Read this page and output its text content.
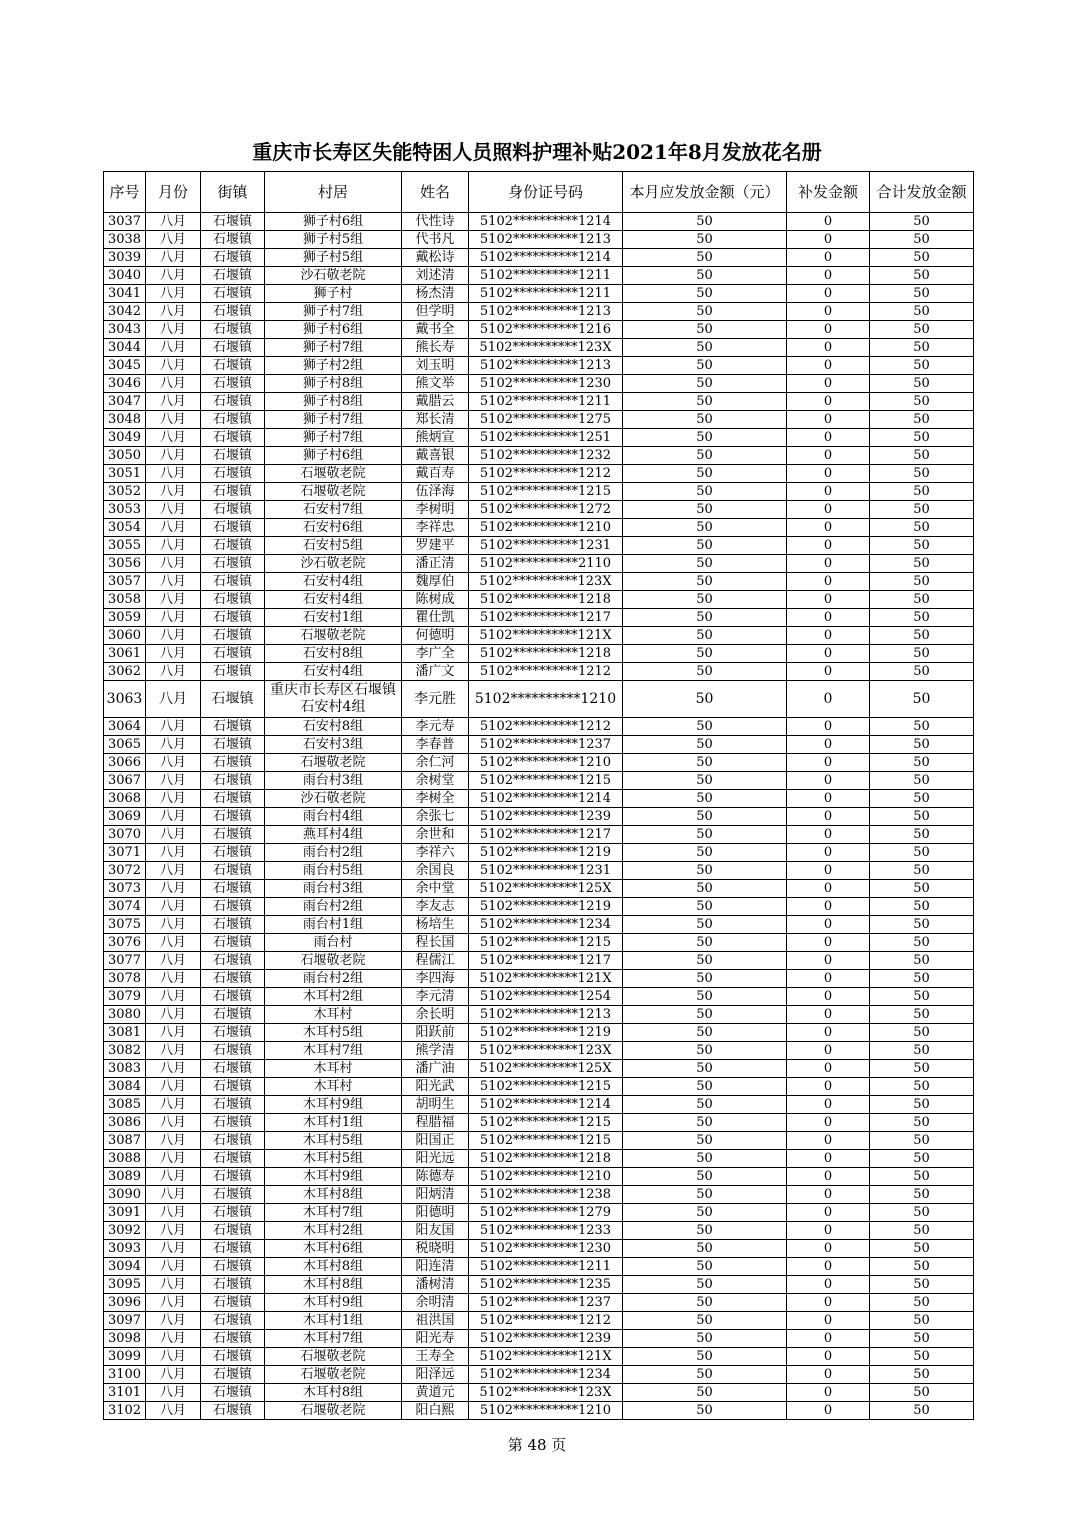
重庆市长寿区失能特困人员照料护理补贴2021年8月发放花名册
序号	月份	街镇	村居	姓名	身份证号码	本月应发放金额（元）	补发金额	合计发放金额
3037	八月	石堰镇	狮子村6组	代性诗	5102**********1214	50	0	50
3038	八月	石堰镇	狮子村5组	代书凡	5102**********1213	50	0	50
3039	八月	石堰镇	狮子村5组	戴松诗	5102**********1214	50	0	50
3040	八月	石堰镇	沙石敬老院	刘述清	5102**********1211	50	0	50
3041	八月	石堰镇	狮子村	杨杰清	5102**********1211	50	0	50
3042	八月	石堰镇	狮子村7组	但学明	5102**********1213	50	0	50
3043	八月	石堰镇	狮子村6组	戴书全	5102**********1216	50	0	50
3044	八月	石堰镇	狮子村7组	熊长寿	5102**********123X	50	0	50
3045	八月	石堰镇	狮子村2组	刘玉明	5102**********1213	50	0	50
3046	八月	石堰镇	狮子村8组	熊文举	5102**********1230	50	0	50
3047	八月	石堰镇	狮子村8组	戴腊云	5102**********1211	50	0	50
3048	八月	石堰镇	狮子村7组	郑长清	5102**********1275	50	0	50
3049	八月	石堰镇	狮子村7组	熊炳宣	5102**********1251	50	0	50
3050	八月	石堰镇	狮子村6组	戴喜银	5102**********1232	50	0	50
3051	八月	石堰镇	石堰敬老院	戴百寿	5102**********1212	50	0	50
3052	八月	石堰镇	石堰敬老院	伍泽海	5102**********1215	50	0	50
3053	八月	石堰镇	石安村7组	李树明	5102**********1272	50	0	50
3054	八月	石堰镇	石安村6组	李祥忠	5102**********1210	50	0	50
3055	八月	石堰镇	石安村5组	罗建平	5102**********1231	50	0	50
3056	八月	石堰镇	沙石敬老院	潘正清	5102**********2110	50	0	50
3057	八月	石堰镇	石安村4组	魏厚伯	5102**********123X	50	0	50
3058	八月	石堰镇	石安村4组	陈树成	5102**********1218	50	0	50
3059	八月	石堰镇	石安村1组	瞿仕凯	5102**********1217	50	0	50
3060	八月	石堰镇	石堰敬老院	何德明	5102**********121X	50	0	50
3061	八月	石堰镇	石安村8组	李广全	5102**********1218	50	0	50
3062	八月	石堰镇	石安村4组	潘广文	5102**********1212	50	0	50
3063	八月	石堰镇	重庆市长寿区石堰镇石安村4组	李元胜	5102**********1210	50	0	50
3064	八月	石堰镇	石安村8组	李元寿	5102**********1212	50	0	50
3065	八月	石堰镇	石安村3组	李春普	5102**********1237	50	0	50
3066	八月	石堰镇	石堰敬老院	余仁河	5102**********1210	50	0	50
3067	八月	石堰镇	雨台村3组	余树堂	5102**********1215	50	0	50
3068	八月	石堰镇	沙石敬老院	李树全	5102**********1214	50	0	50
3069	八月	石堰镇	雨台村4组	余张七	5102**********1239	50	0	50
3070	八月	石堰镇	燕耳村4组	余世和	5102**********1217	50	0	50
3071	八月	石堰镇	雨台村2组	李祥六	5102**********1219	50	0	50
3072	八月	石堰镇	雨台村5组	余国良	5102**********1231	50	0	50
3073	八月	石堰镇	雨台村3组	余中堂	5102**********125X	50	0	50
3074	八月	石堰镇	雨台村2组	李友志	5102**********1219	50	0	50
3075	八月	石堰镇	雨台村1组	杨培生	5102**********1234	50	0	50
3076	八月	石堰镇	雨台村	程长国	5102**********1215	50	0	50
3077	八月	石堰镇	石堰敬老院	程儒江	5102**********1217	50	0	50
3078	八月	石堰镇	雨台村2组	李四海	5102**********121X	50	0	50
3079	八月	石堰镇	木耳村2组	李元清	5102**********1254	50	0	50
3080	八月	石堰镇	木耳村	余长明	5102**********1213	50	0	50
3081	八月	石堰镇	木耳村5组	阳跃前	5102**********1219	50	0	50
3082	八月	石堰镇	木耳村7组	熊学清	5102**********123X	50	0	50
3083	八月	石堰镇	木耳村	潘广油	5102**********125X	50	0	50
3084	八月	石堰镇	木耳村	阳光武	5102**********1215	50	0	50
3085	八月	石堰镇	木耳村9组	胡明生	5102**********1214	50	0	50
3086	八月	石堰镇	木耳村1组	程腊福	5102**********1215	50	0	50
3087	八月	石堰镇	木耳村5组	阳国正	5102**********1215	50	0	50
3088	八月	石堰镇	木耳村5组	阳光远	5102**********1218	50	0	50
3089	八月	石堰镇	木耳村9组	陈德寿	5102**********1210	50	0	50
3090	八月	石堰镇	木耳村8组	阳炳清	5102**********1238	50	0	50
3091	八月	石堰镇	木耳村7组	阳德明	5102**********1279	50	0	50
3092	八月	石堰镇	木耳村2组	阳友国	5102**********1233	50	0	50
3093	八月	石堰镇	木耳村6组	税晓明	5102**********1230	50	0	50
3094	八月	石堰镇	木耳村8组	阳连清	5102**********1211	50	0	50
3095	八月	石堰镇	木耳村8组	潘树清	5102**********1235	50	0	50
3096	八月	石堰镇	木耳村9组	余明清	5102**********1237	50	0	50
3097	八月	石堰镇	木耳村1组	祖洪国	5102**********1212	50	0	50
3098	八月	石堰镇	木耳村7组	阳光寿	5102**********1239	50	0	50
3099	八月	石堰镇	石堰敬老院	王寿全	5102**********121X	50	0	50
3100	八月	石堰镇	石堰敬老院	阳泽远	5102**********1234	50	0	50
3101	八月	石堰镇	木耳村8组	黄道元	5102**********123X	50	0	50
3102	八月	石堰镇	石堰敬老院	阳白熙	5102**********1210	50	0	50
第 48 页
